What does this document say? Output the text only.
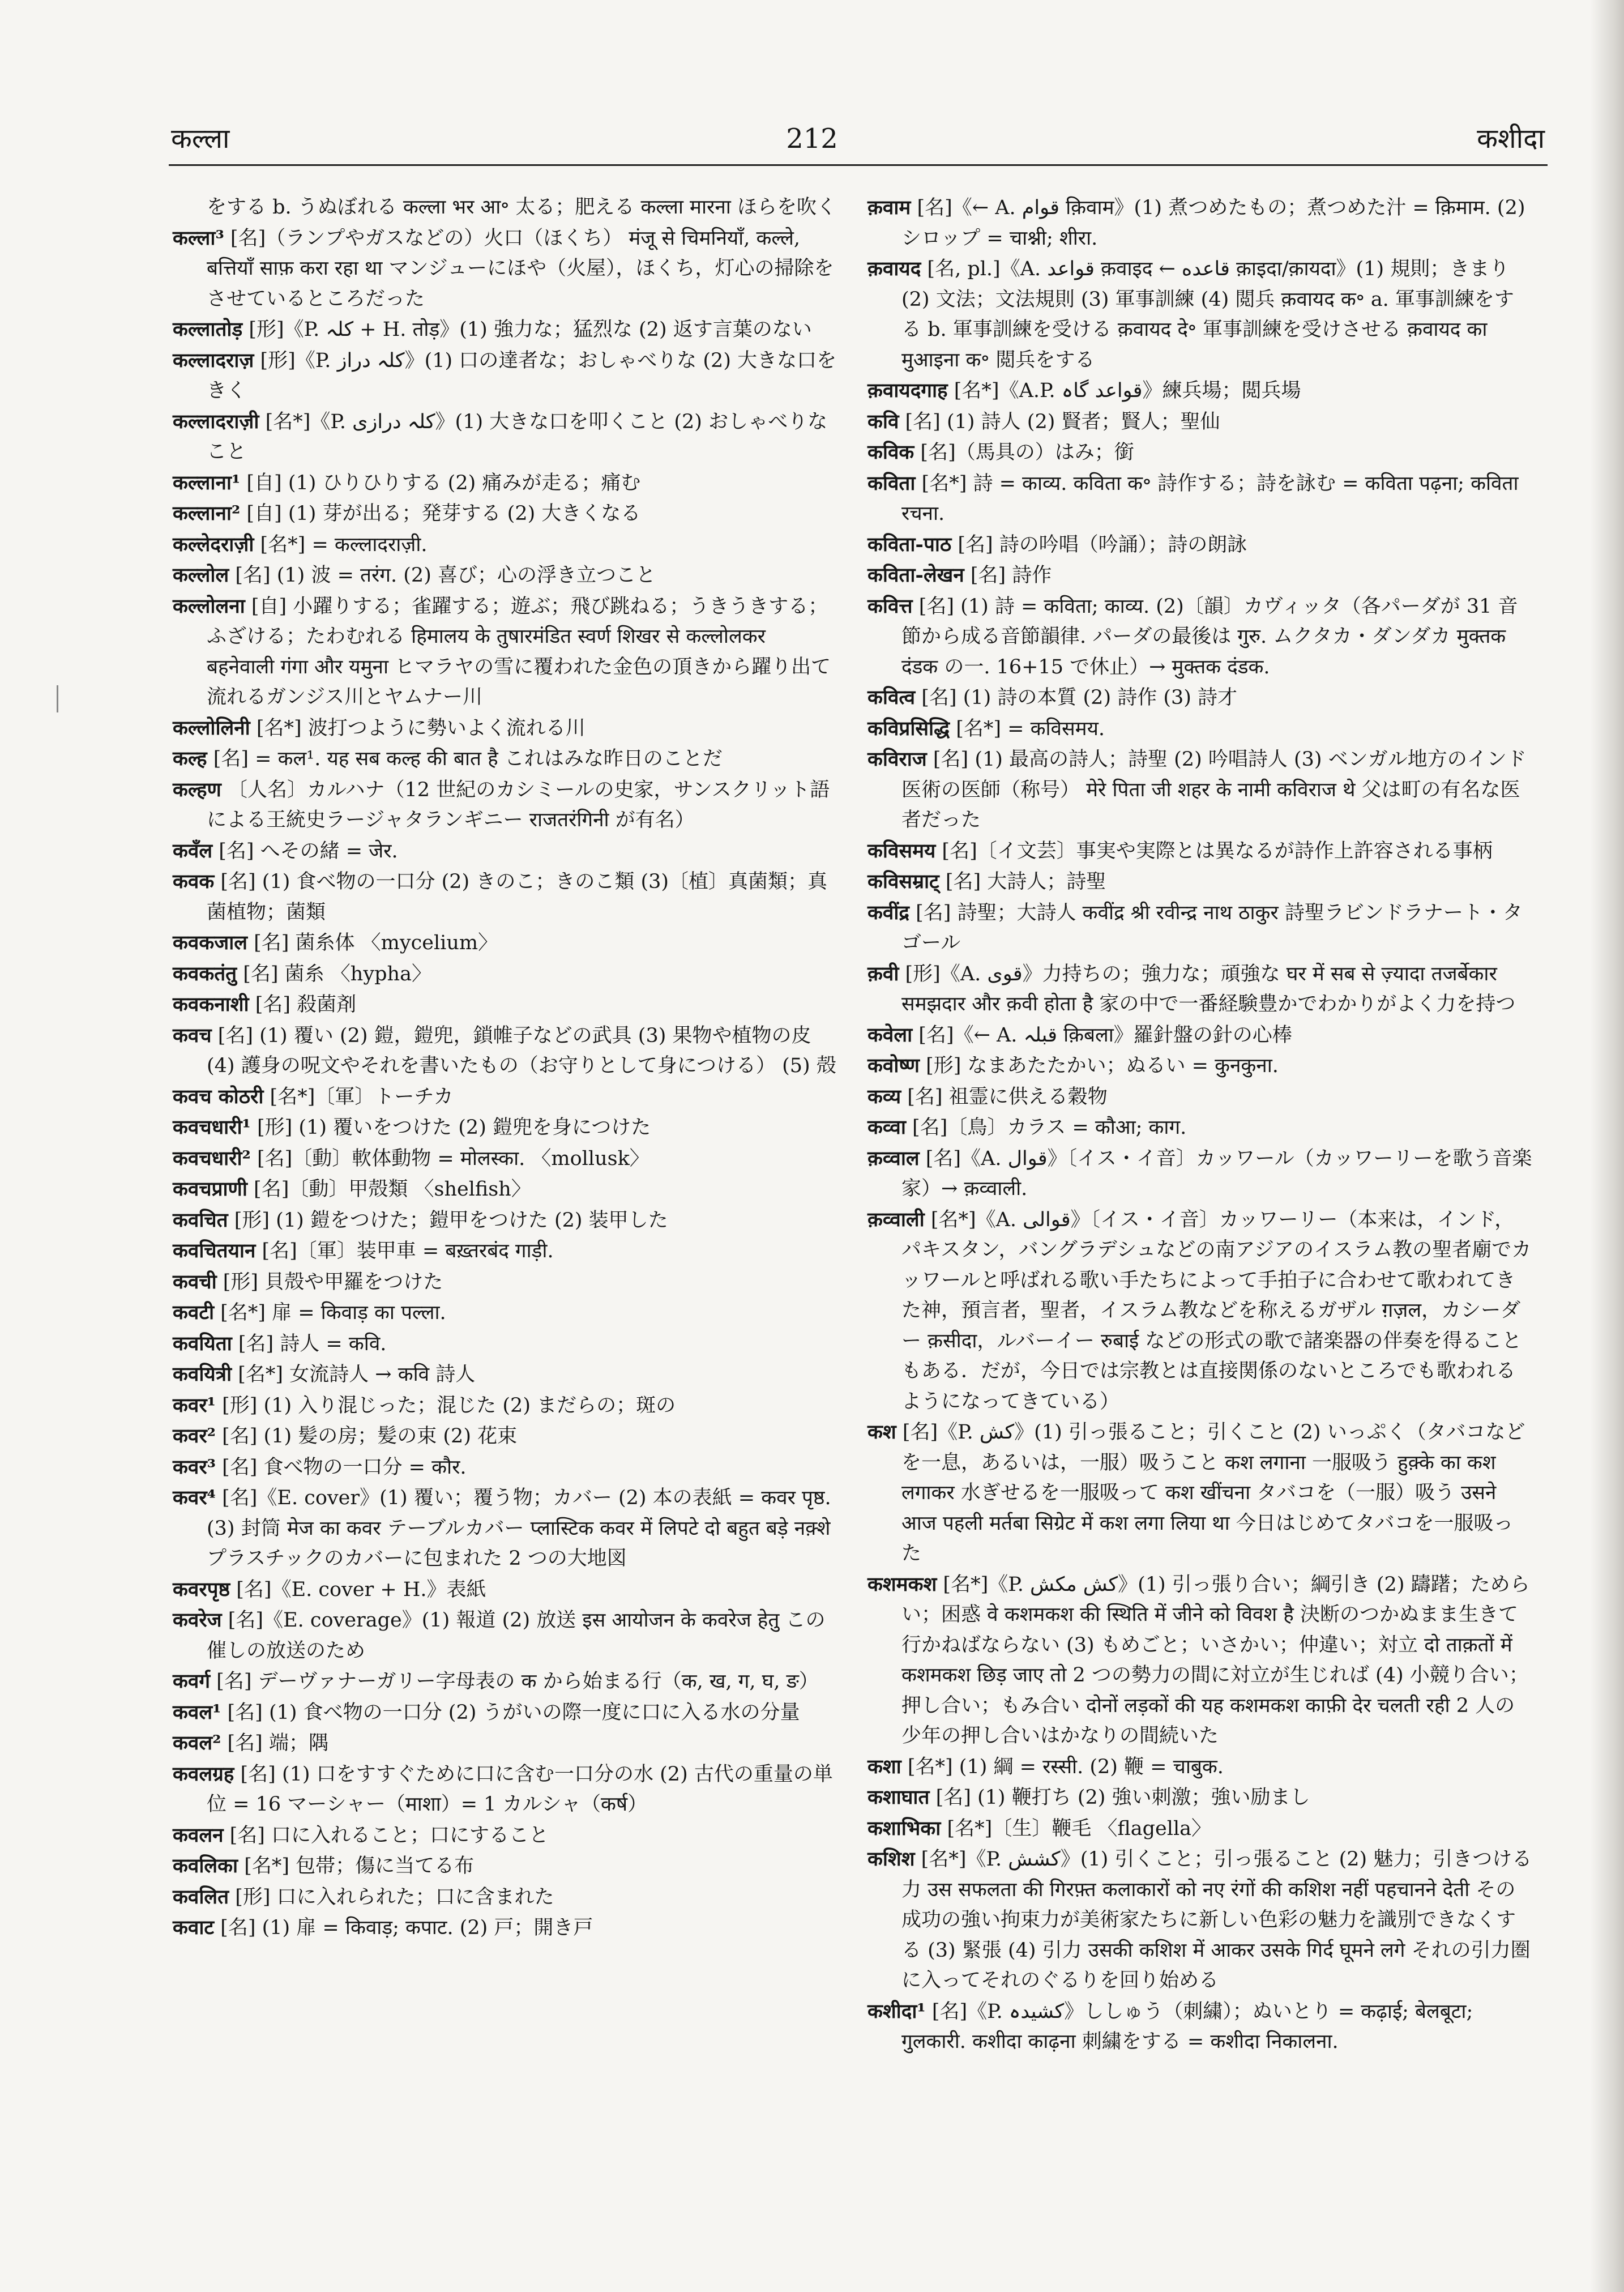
कल्ला	212	कशीदा

をする b. うぬぼれる कल्ला भर आ॰ 太る；肥える कल्ला मारना ほらを吹く

कल्ला³ [名]（ランプやガスなどの）火口（ほくち） मंजू से चिमनियाँ, कल्ले, बत्तियाँ साफ़ करा रहा था マンジューにほや（火屋），ほくち，灯心の掃除をさせているところだった

कल्लातोड़ [形]《P. کلہ + H. तोड़》(1) 強力な；猛烈な (2) 返す言葉のない

कल्लादराज़ [形]《P. کلہ دراز》(1) 口の達者な；おしゃべりな (2) 大きな口をきく

कल्लादराज़ी [名*]《P. کلہ درازی》(1) 大きな口を叩くこと (2) おしゃべりなこと

कल्लाना¹ [自] (1) ひりひりする (2) 痛みが走る；痛む

कल्लाना² [自] (1) 芽が出る；発芽する (2) 大きくなる

कल्लेदराज़ी [名*] = कल्लादराज़ी.

कल्लोल [名] (1) 波 = तरंग. (2) 喜び；心の浮き立つこと

कल्लोलना [自] 小躍りする；雀躍する；遊ぶ；飛び跳ねる；うきうきする；ふざける；たわむれる हिमालय के तुषारमंडित स्वर्ण शिखर से कल्लोलकर बहनेवाली गंगा और यमुना ヒマラヤの雪に覆われた金色の頂きから躍り出て流れるガンジス川とヤムナー川

कल्लोलिनी [名*] 波打つように勢いよく流れる川

कल्ह [名] = कल¹. यह सब कल्ह की बात है これはみな昨日のことだ

कल्हण 〔人名〕カルハナ（12 世紀のカシミールの史家，サンスクリット語による王統史ラージャタランギニー राजतरंगिनी が有名）

कवँल [名] へその緒 = जेर.

कवक [名] (1) 食べ物の一口分 (2) きのこ；きのこ類 (3)〔植〕真菌類；真菌植物；菌類

कवकजाल [名] 菌糸体 〈mycelium〉

कवकतंतु [名] 菌糸 〈hypha〉

कवकनाशी [名] 殺菌剤

कवच [名] (1) 覆い (2) 鎧，鎧兜，鎖帷子などの武具 (3) 果物や植物の皮 (4) 護身の呪文やそれを書いたもの（お守りとして身につける） (5) 殻

कवच कोठरी [名*]〔軍〕トーチカ

कवचधारी¹ [形] (1) 覆いをつけた (2) 鎧兜を身につけた

कवचधारी² [名]〔動〕軟体動物 = मोलस्का. 〈mollusk〉

कवचप्राणी [名]〔動〕甲殻類 〈shelfish〉

कवचित [形] (1) 鎧をつけた；鎧甲をつけた (2) 装甲した

कवचितयान [名]〔軍〕装甲車 = बख़्तरबंद गाड़ी.

कवची [形] 貝殻や甲羅をつけた

कवटी [名*] 扉 = किवाड़ का पल्ला.

कवयिता [名] 詩人 = कवि.

कवयित्री [名*] 女流詩人 → कवि 詩人

कवर¹ [形] (1) 入り混じった；混じた (2) まだらの；斑の

कवर² [名] (1) 髪の房；髪の束 (2) 花束

कवर³ [名] 食べ物の一口分 = कौर.

कवर⁴ [名]《E. cover》(1) 覆い；覆う物；カバー (2) 本の表紙 = कवर पृष्ठ. (3) 封筒 मेज का कवर テーブルカバー प्लास्टिक कवर में लिपटे दो बहुत बड़े नक़्शे プラスチックのカバーに包まれた 2 つの大地図

कवरपृष्ठ [名]《E. cover + H.》表紙

कवरेज [名]《E. coverage》(1) 報道 (2) 放送 इस आयोजन के कवरेज हेतु この催しの放送のため

कवर्ग [名] デーヴァナーガリー字母表の क から始まる行（क, ख, ग, घ, ङ）

कवल¹ [名] (1) 食べ物の一口分 (2) うがいの際一度に口に入る水の分量

कवल² [名] 端；隅

कवलग्रह [名] (1) 口をすすぐために口に含む一口分の水 (2) 古代の重量の単位 = 16 マーシャー（माशा）= 1 カルシャ（कर्ष）

कवलन [名] 口に入れること；口にすること

कवलिका [名*] 包帯；傷に当てる布

कवलित [形] 口に入れられた；口に含まれた

कवाट [名] (1) 扉 = किवाड़; कपाट. (2) 戸；開き戸

क़वाम [名]《← A. قوام क़िवाम》(1) 煮つめたもの；煮つめた汁 = क़िमाम. (2) シロップ = चाश्नी; शीरा.

क़वायद [名, pl.]《A. قواعد क़वाइद ← قاعده क़ाइदा/क़ायदा》(1) 規則；きまり (2) 文法；文法規則 (3) 軍事訓練 (4) 閲兵 क़वायद क॰ a. 軍事訓練をする b. 軍事訓練を受ける क़वायद दे॰ 軍事訓練を受けさせる क़वायद का मुआइना क॰ 閲兵をする

क़वायदगाह [名*]《A.P. قواعد گاہ》練兵場；閲兵場

कवि [名] (1) 詩人 (2) 賢者；賢人；聖仙

कविक [名]（馬具の）はみ；銜

कविता [名*] 詩 = काव्य. कविता क॰ 詩作する；詩を詠む = कविता पढ़ना; कविता रचना.

कविता-पाठ [名] 詩の吟唱（吟誦）；詩の朗詠

कविता-लेखन [名] 詩作

कवित्त [名] (1) 詩 = कविता; काव्य. (2)〔韻〕カヴィッタ（各パーダが 31 音節から成る音節韻律. パーダの最後は गुरु. ムクタカ・ダンダカ मुक्तक दंडक の一. 16+15 で休止）→ मुक्तक दंडक.

कवित्व [名] (1) 詩の本質 (2) 詩作 (3) 詩才

कविप्रसिद्धि [名*] = कविसमय.

कविराज [名] (1) 最高の詩人；詩聖 (2) 吟唱詩人 (3) ベンガル地方のインド医術の医師（称号） मेरे पिता जी शहर के नामी कविराज थे 父は町の有名な医者だった

कविसमय [名]〔イ文芸〕事実や実際とは異なるが詩作上許容される事柄

कविसम्राट् [名] 大詩人；詩聖

कवींद्र [名] 詩聖；大詩人 कवींद्र श्री रवीन्द्र नाथ ठाकुर 詩聖ラビンドラナート・タゴール

क़वी [形]《A. قوی》力持ちの；強力な；頑強な घर में सब से ज़्यादा तजर्बेकार समझदार और क़वी होता है 家の中で一番経験豊かでわかりがよく力を持つ

कवेला [名]《← A. قبلہ क़िबला》羅針盤の針の心棒

कवोष्ण [形] なまあたたかい；ぬるい = कुनकुना.

कव्य [名] 祖霊に供える穀物

कव्वा [名]〔鳥〕カラス = कौआ; काग.

क़व्वाल [名]《A. قوال》〔イス・イ音〕カッワール（カッワーリーを歌う音楽家）→ क़व्वाली.

क़व्वाली [名*]《A. قوالی》〔イス・イ音〕カッワーリー（本来は，インド，パキスタン，バングラデシュなどの南アジアのイスラム教の聖者廟でカッワールと呼ばれる歌い手たちによって手拍子に合わせて歌われてきた神，預言者，聖者，イスラム教などを称えるガザル ग़ज़ल，カシーダー क़सीदा，ルバーイー रुबाई などの形式の歌で諸楽器の伴奏を得ることもある．だが，今日では宗教とは直接関係のないところでも歌われるようになってきている）

कश [名]《P. کش》(1) 引っ張ること；引くこと (2) いっぷく（タバコなどを一息，あるいは，一服）吸うこと कश लगाना 一服吸う हुक़्के का कश लगाकर 水ぎせるを一服吸って कश खींचना タバコを（一服）吸う उसने आज पहली मर्तबा सिग्रेट में कश लगा लिया था 今日はじめてタバコを一服吸った

कशमकश [名*]《P. کش مکش》(1) 引っ張り合い；綱引き (2) 躊躇；ためらい；困惑 वे कशमकश की स्थिति में जीने को विवश है 決断のつかぬまま生きて行かねばならない (3) もめごと；いさかい；仲違い；対立 दो ताक़तों में कशमकश छिड़ जाए तो 2 つの勢力の間に対立が生じれば (4) 小競り合い；押し合い；もみ合い दोनों लड़कों की यह कशमकश काफ़ी देर चलती रही 2 人の少年の押し合いはかなりの間続いた

कशा [名*] (1) 綱 = रस्सी. (2) 鞭 = चाबुक.

कशाघात [名] (1) 鞭打ち (2) 強い刺激；強い励まし

कशाभिका [名*]〔生〕鞭毛 〈flagella〉

कशिश [名*]《P. کشش》(1) 引くこと；引っ張ること (2) 魅力；引きつける力 उस सफलता की गिरफ़्त कलाकारों को नए रंगों की कशिश नहीं पहचानने देती その成功の強い拘束力が美術家たちに新しい色彩の魅力を識別できなくする (3) 緊張 (4) 引力 उसकी कशिश में आकर उसके गिर्द घूमने लगे それの引力圏に入ってそれのぐるりを回り始める

कशीदा¹ [名]《P. کشیدہ》ししゅう（刺繍）；ぬいとり = कढ़ाई; बेलबूटा; गुलकारी. कशीदा काढ़ना 刺繍をする = कशीदा निकालना.
